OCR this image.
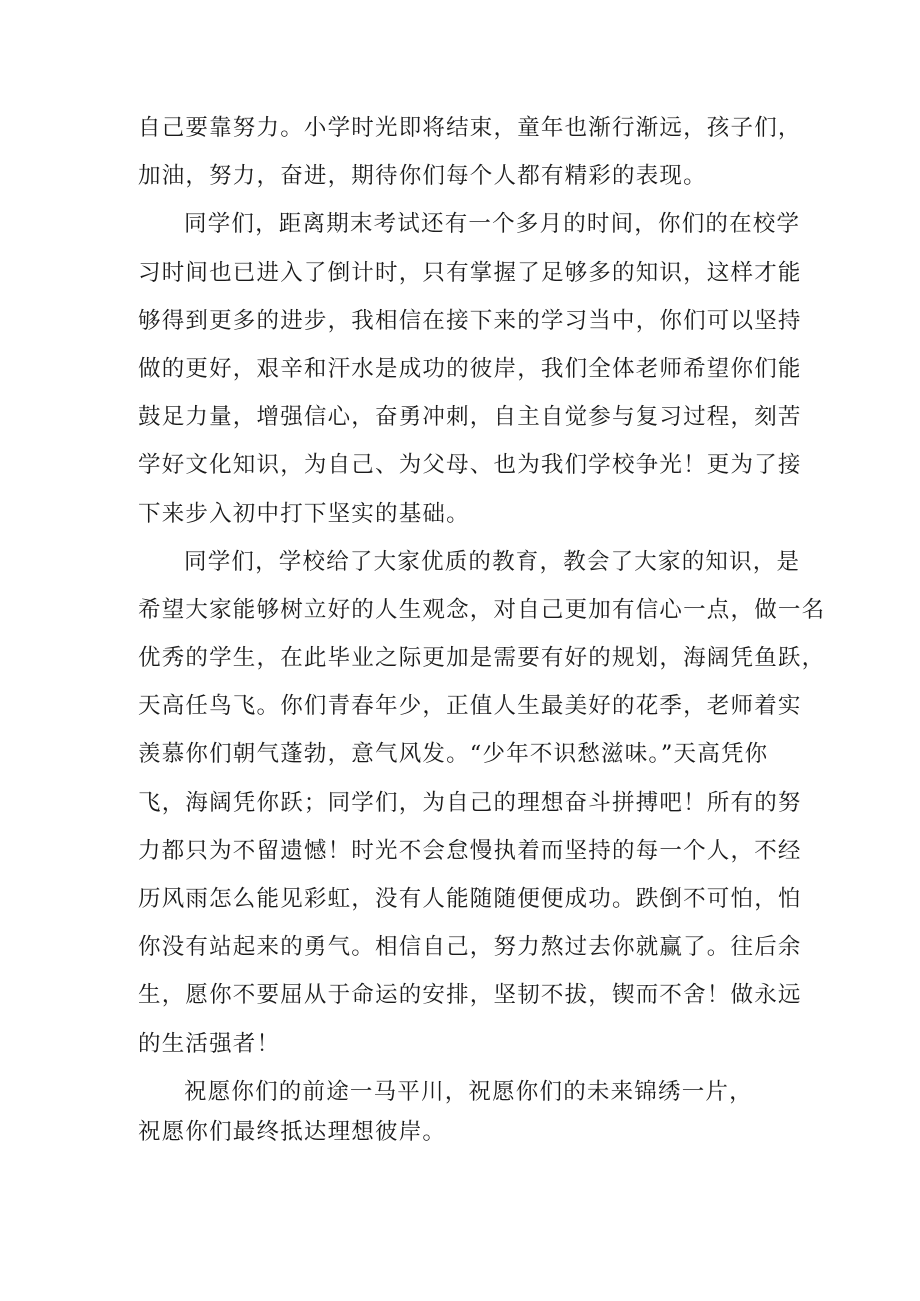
自己要靠努力。小学时光即将结束，童年也渐行渐远，孩子们，
加油，努力，奋进，期待你们每个人都有精彩的表现。
同学们，距离期末考试还有一个多月的时间，你们的在校学
习时间也已进入了倒计时，只有掌握了足够多的知识，这样才能
够得到更多的进步，我相信在接下来的学习当中，你们可以坚持
做的更好，艰辛和汗水是成功的彼岸，我们全体老师希望你们能
鼓足力量，增强信心，奋勇冲刺，自主自觉参与复习过程，刻苦
学好文化知识，为自己、为父母、也为我们学校争光！更为了接
下来步入初中打下坚实的基础。
同学们，学校给了大家优质的教育，教会了大家的知识，是
希望大家能够树立好的人生观念，对自己更加有信心一点，做一名
优秀的学生，在此毕业之际更加是需要有好的规划，海阔凭鱼跃，
天高任鸟飞。你们青春年少，正值人生最美好的花季，老师着实
羡慕你们朝气蓬勃，意气风发。“少年不识愁滋味。”天高凭你
飞，海阔凭你跃；同学们，为自己的理想奋斗拼搏吧！所有的努
力都只为不留遗憾！时光不会怠慢执着而坚持的每一个人，不经
历风雨怎么能见彩虹，没有人能随随便便成功。跌倒不可怕，怕
你没有站起来的勇气。相信自己，努力熬过去你就赢了。往后余
生，愿你不要屈从于命运的安排，坚韧不拔，锲而不舍！做永远
的生活强者！
祝愿你们的前途一马平川，祝愿你们的未来锦绣一片，
祝愿你们最终抵达理想彼岸。
